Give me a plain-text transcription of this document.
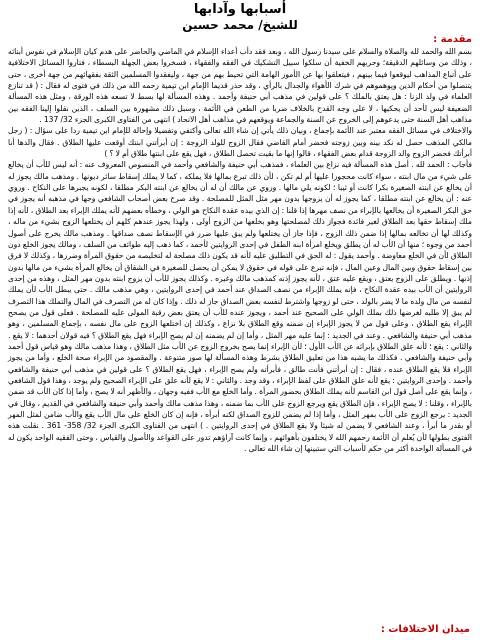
أسبابها وآدابها
للشيخ/ محمد حسين
مقدمة :

بسم الله والحمد لله والصلاة والسلام على سيدنا رسول الله ، وبعد فقد دأب أعداء الإسلام في الماضي والحاضر على هدم كيان الإسلام في نفوس أبنائه ، وذلك من وسائلهم الدقيقة؛ وحربهم الخفية أن سلكوا سبيل التشكيك في الفقه والفقهاء ، فسخروا بعض الجهلة البسطاء ، فتاروا المسائل الاختلافية على أتباع المذاهب ليوقعوا فيما بينهم ، فيتعلقوا بها عن الأمور الهامة التي تحيط بهم من جهة ، وليفقدوا المسلمين الثقة بفقهائهم من جهة أخرى ، حتى يتنصلوا من أحكام الدين ويوهموهم في شرك الأهواء والجدال بالرأي ، وقد حذر قديما الإمام ابن تيمية رحمه الله من ذلك في فتوى له فقال : ( قد تنازع العلماء في ولد الزنا : هل يعتق بالملك ؟ على قولين في مذهب أبي حنيفة وأحمد . وهذه المسألة لها بسط لا تسعه هذه الورقة ، ومثل هذه المسألة الضعيفة ليس لأحد أن يحكيها ، لا على وجه القدح بالخلاف ضربا من الطعن في الأئمة ، وسبل ذلك مشهورة بين السلف ، الذين نقلوا إلينا الفقه بين مذاهب أهل السنة حتى يدعوهم إلى الخروج عن السنة والجماعة ويوقعهم في مذاهب أهل الاتحاد ) انتهى من الفتاوى الكبرى الجزء 32/ 137 .

والاختلاف في مسائل الفقه معتبر عند الأئمة بإجماع ، وبيان ذلك يأتي إن شاء الله تعالى وأكتفي وتفضيلا وإحالة للإمام ابن تيمية ردا على سؤال : ( رجل مالكي المذهب حصل له نكد بينه وبين زوجته فحضر أمام القاضي فقال الزوج للولد الزوجة : إن أبرأتني ابنتك أوقعت عليها الطلاق . فقال والدها أنا أبرأتك فحضر الزوج والد الزوجة قدام بعض الفقهاء ، قالوا إنها ما بقيت تحصل الطلاق ، فهل يقع على ابنتها طلاق أم لا ؟ )

فأجاب : الحمد لله . أصل هذه المسألة فيه نزاع بين العلماء ، فمذهب أبي حنيفة والشافعي وأحمد في المنصوص المعروف عنه : أنه ليس للأب أن يخالع على شيء من مال ابنته ، سواء كانت محجورا عليها أم لم تكن ، لأن ذلك تبرع بمالها فلا يملكه ، كما لا يملك إسقاط سائر ديونها . ومذهب مالك يجوز له أن يخالع عن ابنته الصغيرة بكرا كانت أو ثيبا ؛ لكونه يلي مالها . وروي عن مالك أن له أن يخالع عن ابنته البكر مطلقا ، لكونه يجبرها على النكاح . وروي عنه : أن يخالع عن ابنته مطلقا ، كما يجوز له أن يزوجها بدون مهر مثل المثل للمصلحة . وقد صرح بعض أصحاب الشافعي وجها في مذهبه أنه يجوز في حق البكر الصغيرة أن يخالعها بالإبراء من نصف مهرها إذا قلنا : إن الذي بيده عقدة النكاح هو الولي ، وخطأه بعضهم لأنه يملك الإبراء بعد الطلاق ، لأنه إذا ملك إسقاط حقها بعد الطلاق لغير فائدة فجواز ذلك لمصلحتها وهو بخلعها من الزوج أولى ، ولهذا يجوز عندهم كلهم أن يختلعها الزوج بشيء من ماله ، وكذلك لها أن تخالعه بمالها إذا ضمن ذلك الزوج ، فإذا جاز أن يختلعها ولم يبق عليها ضرر في الإسقاط نصف صداقها . ومذهب مالك يخرج على أصول أحمد من وجوه ؛ منها أن الأب له أن يطلق ويخلع امرأة ابنه الطفل في إحدى الروايتين لأحمد ، كما ذهب إليه طوائف من السلف ، ومالك يجوز الخلع دون الطلاق لأن في الخلع معاوضة . وأحمد يقول : له الحق في التطليق عليه لأنه قد يكون ذلك مصلحة له لتخليصه من حقوق المرأة وضررها ، وكذلك لا فرق بين إسقاط حقوق وبين المال وعين المال ، فإنه تبرع على قوله في حقوق لا يمكن أن يحصل للصغيرة في الشقاق أن يخالع المرأة بشيء من مالها بدون إذنها . ويطلق على الزوج يعتق ، ويقع عليه عتق ، لأنه يجوز إذنه كمذهب مالك وغيره . وكذلك يجوز للأب أن يزوج ابنته بدون مهر المثل ، وهذه من إحدى الروايتين أن الأب بيده عقدة النكاح ، فإنه يملك الإبراء من نصف الصداق عند أحمد في إحدى الروايتين ، وهي مذهب مالك . حتى يبطل الأب لأن يملك لنفسه من مال ولده ما لا يضر بالولد ، حتى لو زوجها واشترط لنفسه بعض الصداق جاز له ذلك . وإذا كان له من التصرف في المال والتملك هذا التصرف لم يبق إلا طلبه لغرضها ذلك بملك الولي على الصحيح عند أحمد ، ويجوز عنده للأب أن يعتق بعض رقبة المولى عليه للمصلحة . فعلى قول من يصحح الإبراء يقع الطلاق ، وعلى قول من لا يجوز الإبراء إن ضمنه وقع الطلاق بلا نزاع ، وكذلك إن اختلعها الزوج على مال نفسه ، بإجماع المسلمين ، وهو مذهب أبي حنيفة والشافعي . وعند في الجديد : إنما عليه مهر المثل ، وأما إن لم يضمنه إن لم يصح الإبراء فهل يقع الطلاق ؟ فيه قولان أحدهما : لا يقع . والثاني : يقع ؛ لأنه علق الطلاق بإبرائه عن الأب الأول ؛ لأن الإبراء إنما يصح بخروج الزوج عن الأب مثل الطلاق ، وهذا مذهب مالك وهو قياس قول أحمد وأبي حنيفة والشافعي . فكذلك ما يشبه هذا من تعليق الطلاق بشرط وهذه المسألة لها صور متنوعة . والمقصود من الإبراء صحة الخلع ، وأما من يجوز الإبراء فلا يقع الطلاق عنده ، فقال : إن أبرأتني فأنت طالق ، فأبرأته ولم يصح الإبراء ، فهل يقع الطلاق ؟ على قولين في مذهب أبي حنيفة والشافعي وأحمد . وإحدى الروايتين : يقع لأنه علق الطلاق على لفظ الإبراء ، وقد وجد . والثاني : لا يقع لأنه علق على الإبراء الصحيح ولم يوجد ، وهذا قول الشافعي ، وإنما يقع على أصل قول ابن القاسم لأنه يملك الطلاق بحضور المرأة . وأما الخلع مع الأب ففيه وجهان ، والأظهر أنه لا يصح ، وأما إذا كان الأب قد ضمن بالإبراء ، وقلنا : لا يصح الإبراء ، فإن الطلاق يقع ويرجع الزوج على الأب بما ضمنه ، وهذا مذهب مالك وأحمد وأبي حنيفة والشافعي في القديم ، وقال في الجديد : يرجع الزوج على الأب بمهر المثل ، وأما إذا لم يضمن للزوج الصداق لكنه أبرأه ، فإنه إن كان الخلع على مال الأب يقع والأب ضامن لمثل المهر أو بقدر ما أبرأ ، وعند الشافعي لا يضمن له شيئا ولا يقع الطلاق في إحدى الروايتين . ) انتهى من الفتاوى الكبرى الجزء 32/ 358- 361 . نقلت هذه الفتوى بطولها لأن يُعلم أن الأئمة رحمهم الله لا يختلفون بأهوائهم ، وإنما كانت آراؤهم تدور على القواعد والأصول والقياس ، وحتى الفقيه الواحد يكون له في المسألة الواحدة أكثر من حكم لأسباب التي ستبينها إن شاء الله تعالى .

ميدان الاختلافات :
